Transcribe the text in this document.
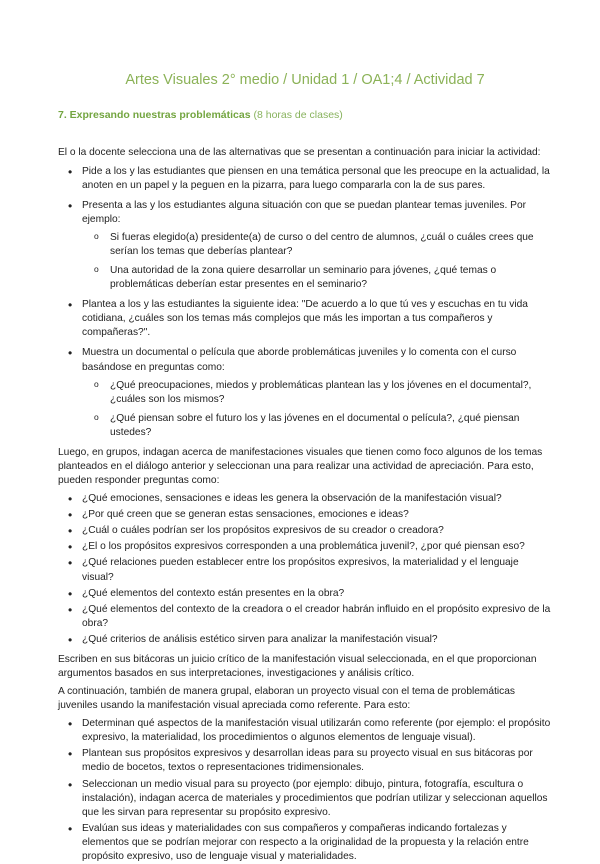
Artes Visuales 2° medio / Unidad 1 / OA1;4 / Actividad 7
7. Expresando nuestras problemáticas (8 horas de clases)

El o la docente selecciona una de las alternativas que se presentan a continuación para iniciar la actividad:

• Pide a los y las estudiantes que piensen en una temática personal que les preocupe en la actualidad, la anoten en un papel y la peguen en la pizarra, para luego compararla con la de sus pares.
• Presenta a las y los estudiantes alguna situación con que se puedan plantear temas juveniles. Por ejemplo:
o Si fueras elegido(a) presidente(a) de curso o del centro de alumnos, ¿cuál o cuáles crees que serían los temas que deberías plantear?
o Una autoridad de la zona quiere desarrollar un seminario para jóvenes, ¿qué temas o problemáticas deberían estar presentes en el seminario?
• Plantea a los y las estudiantes la siguiente idea: "De acuerdo a lo que tú ves y escuchas en tu vida cotidiana, ¿cuáles son los temas más complejos que más les importan a tus compañeros y compañeras?".
• Muestra un documental o película que aborde problemáticas juveniles y lo comenta con el curso basándose en preguntas como:
o ¿Qué preocupaciones, miedos y problemáticas plantean las y los jóvenes en el documental?, ¿cuáles son los mismos?
o ¿Qué piensan sobre el futuro los y las jóvenes en el documental o película?, ¿qué piensan ustedes?

Luego, en grupos, indagan acerca de manifestaciones visuales que tienen como foco algunos de los temas planteados en el diálogo anterior y seleccionan una para realizar una actividad de apreciación. Para esto, pueden responder preguntas como:

• ¿Qué emociones, sensaciones e ideas les genera la observación de la manifestación visual?
• ¿Por qué creen que se generan estas sensaciones, emociones e ideas?
• ¿Cuál o cuáles podrían ser los propósitos expresivos de su creador o creadora?
• ¿El o los propósitos expresivos corresponden a una problemática juvenil?, ¿por qué piensan eso?
• ¿Qué relaciones pueden establecer entre los propósitos expresivos, la materialidad y el lenguaje visual?
• ¿Qué elementos del contexto están presentes en la obra?
• ¿Qué elementos del contexto de la creadora o el creador habrán influido en el propósito expresivo de la obra?
• ¿Qué criterios de análisis estético sirven para analizar la manifestación visual?

Escriben en sus bitácoras un juicio crítico de la manifestación visual seleccionada, en el que proporcionan argumentos basados en sus interpretaciones, investigaciones y análisis crítico.

A continuación, también de manera grupal, elaboran un proyecto visual con el tema de problemáticas juveniles usando la manifestación visual apreciada como referente. Para esto:

• Determinan qué aspectos de la manifestación visual utilizarán como referente (por ejemplo: el propósito expresivo, la materialidad, los procedimientos o algunos elementos de lenguaje visual).
• Plantean sus propósitos expresivos y desarrollan ideas para su proyecto visual en sus bitácoras por medio de bocetos, textos o representaciones tridimensionales.
• Seleccionan un medio visual para su proyecto (por ejemplo: dibujo, pintura, fotografía, escultura o instalación), indagan acerca de materiales y procedimientos que podrían utilizar y seleccionan aquellos que les sirvan para representar su propósito expresivo.
• Evalúan sus ideas y materialidades con sus compañeros y compañeras indicando fortalezas y elementos que se podrían mejorar con respecto a la originalidad de la propuesta y la relación entre propósito expresivo, uso de lenguaje visual y materialidades.
